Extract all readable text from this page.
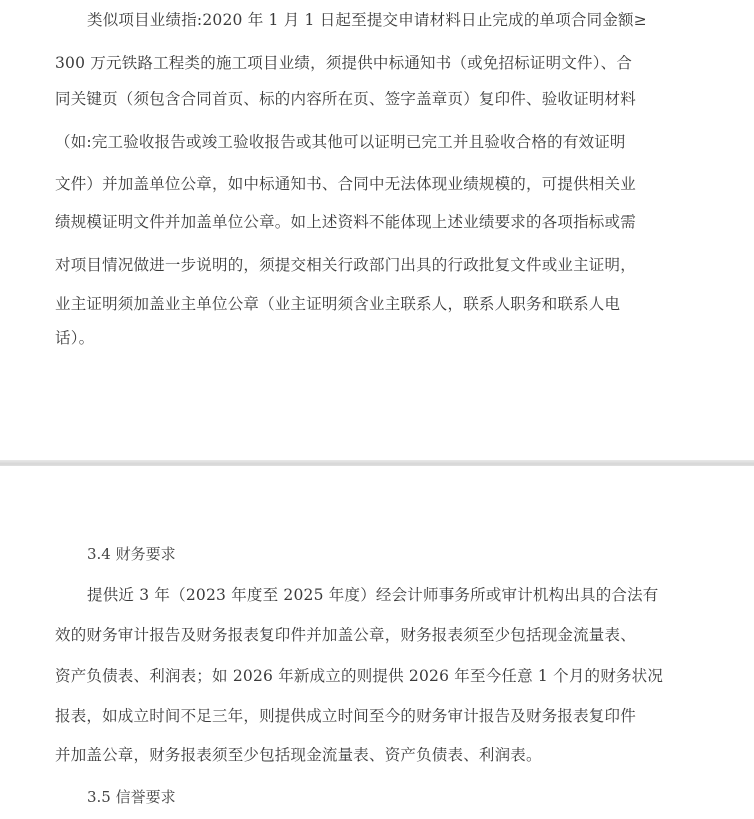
类似项目业绩指:2020 年 1 月 1 日起至提交申请材料日止完成的单项合同金额≥
300 万元铁路工程类的施工项目业绩，须提供中标通知书（或免招标证明文件）、合
同关键页（须包含合同首页、标的内容所在页、签字盖章页）复印件、验收证明材料
（如:完工验收报告或竣工验收报告或其他可以证明已完工并且验收合格的有效证明
文件）并加盖单位公章，如中标通知书、合同中无法体现业绩规模的，可提供相关业
绩规模证明文件并加盖单位公章。如上述资料不能体现上述业绩要求的各项指标或需
对项目情况做进一步说明的，须提交相关行政部门出具的行政批复文件或业主证明，
业主证明须加盖业主单位公章（业主证明须含业主联系人，联系人职务和联系人电
话）。
3.4 财务要求
提供近 3 年（2023 年度至 2025 年度）经会计师事务所或审计机构出具的合法有
效的财务审计报告及财务报表复印件并加盖公章，财务报表须至少包括现金流量表、
资产负债表、利润表；如 2026 年新成立的则提供 2026 年至今任意 1 个月的财务状况
报表，如成立时间不足三年，则提供成立时间至今的财务审计报告及财务报表复印件
并加盖公章，财务报表须至少包括现金流量表、资产负债表、利润表。
3.5 信誉要求
